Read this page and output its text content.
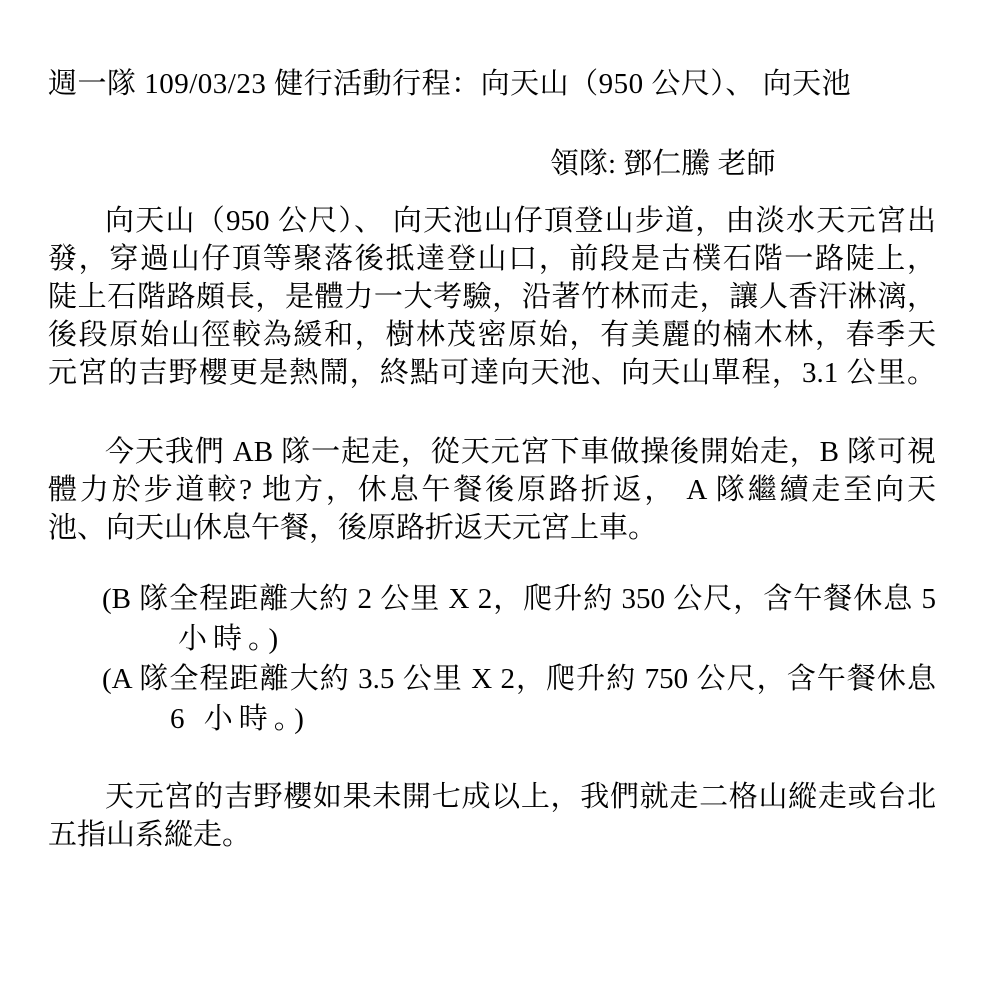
週一隊 109/03/23 健行活動行程：向天山（950 公尺）、 向天池
領隊: 鄧仁騰 老師
向天山（950 公尺）、 向天池山仔頂登山步道，由淡水天元宮出
發，穿過山仔頂等聚落後抵達登山口，前段是古樸石階一路陡上，
陡上石階路頗長，是體力一大考驗，沿著竹林而走，讓人香汗淋漓，
後段原始山徑較為緩和，樹林茂密原始，有美麗的楠木林，春季天
元宮的吉野櫻更是熱鬧，終點可達向天池、向天山單程，3.1 公里。
今天我們 AB 隊一起走，從天元宮下車做操後開始走，B 隊可視
體力於步道較? 地方，休息午餐後原路折返， A 隊繼續走至向天
池、向天山休息午餐，後原路折返天元宮上車。
(B 隊全程距離大約 2 公里 X 2，爬升約 350 公尺，含午餐休息 5
小時。)
(A 隊全程距離大約 3.5 公里 X 2，爬升約 750 公尺，含午餐休息
6 小時。)
天元宮的吉野櫻如果未開七成以上，我們就走二格山縱走或台北
五指山系縱走。
